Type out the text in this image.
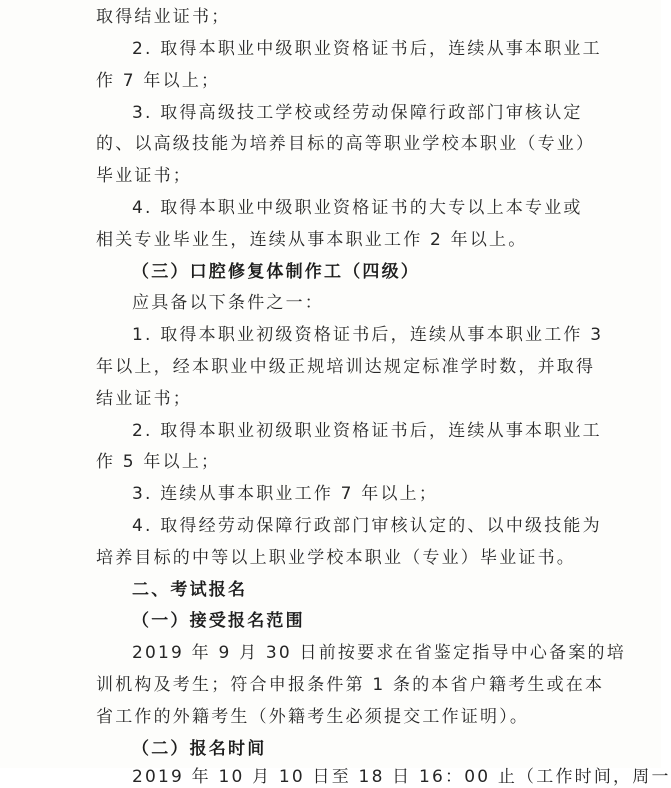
取得结业证书；
2. 取得本职业中级职业资格证书后，连续从事本职业工
作 7 年以上；
3. 取得高级技工学校或经劳动保障行政部门审核认定
的、以高级技能为培养目标的高等职业学校本职业（专业）
毕业证书；
4. 取得本职业中级职业资格证书的大专以上本专业或
相关专业毕业生，连续从事本职业工作 2 年以上。
（三）口腔修复体制作工（四级）
应具备以下条件之一：
1. 取得本职业初级资格证书后，连续从事本职业工作 3
年以上，经本职业中级正规培训达规定标准学时数，并取得
结业证书；
2. 取得本职业初级职业资格证书后，连续从事本职业工
作 5 年以上；
3. 连续从事本职业工作 7 年以上；
4. 取得经劳动保障行政部门审核认定的、以中级技能为
培养目标的中等以上职业学校本职业（专业）毕业证书。
二、考试报名
（一）接受报名范围
2019 年 9 月 30 日前按要求在省鉴定指导中心备案的培
训机构及考生；符合申报条件第 1 条的本省户籍考生或在本
省工作的外籍考生（外籍考生必须提交工作证明）。
（二）报名时间
2019 年 10 月 10 日至 18 日 16：00 止（工作时间，周一
